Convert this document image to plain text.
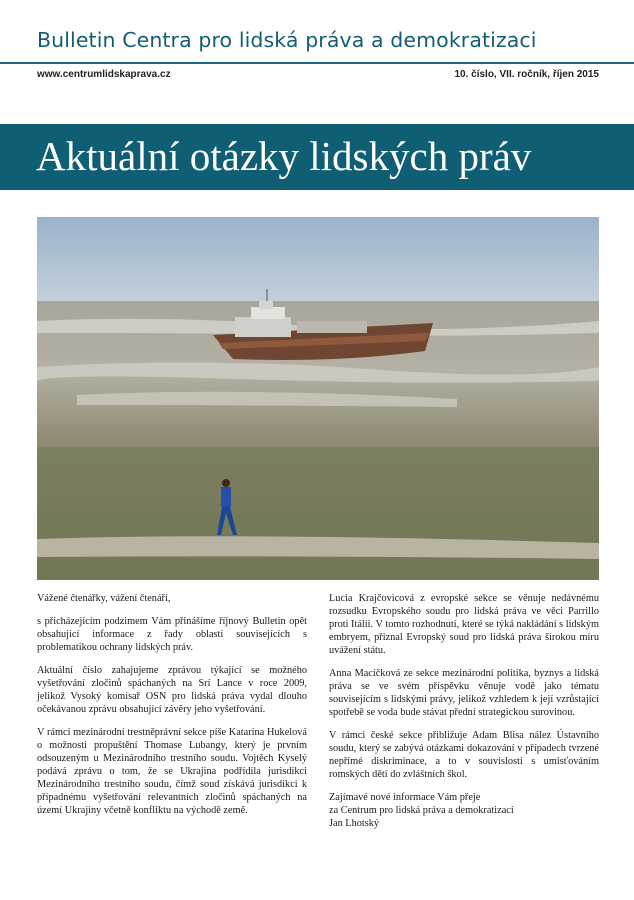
Bulletin Centra pro lidská práva a demokratizaci
www.centrumlidskaprava.cz	10. číslo, VII. ročník, říjen 2015
Aktuální otázky lidských práv

Vážené čtenářky, vážení čtenáři,

s přicházejícím podzimem Vám přinášíme říjnový Bulletin opět obsahující informace z řady oblastí souvisejících s problematikou ochrany lidských práv.

Aktuální číslo zahajujeme zprávou týkající se možného vyšetřování zločinů spáchaných na Srí Lance v roce 2009, jelikož Vysoký komisař OSN pro lidská práva vydal dlouho očekávanou zprávu obsahující závěry jeho vyšetřování.

V rámci mezinárodní trestněprávní sekce píše Katarína Hukelová o možnosti propuštění Thomase Lubangy, který je prvním odsouzeným u Mezinárodního trestního soudu. Vojtěch Kyselý podává zprávu o tom, že se Ukrajina podřídila jurisdikci Mezinárodního trestního soudu, čímž soud získává jurisdikci k případnému vyšetřování relevantních zločinů spáchaných na území Ukrajiny včetně konfliktu na východě země.

Lucia Krajčovicová z evropské sekce se věnuje nedávnému rozsudku Evropského soudu pro lidská práva ve věci Parrillo proti Itálii. V tomto rozhodnutí, které se týká nakládání s lidským embryem, přiznal Evropský soud pro lidská práva širokou míru uvážení státu.

Anna Macíčková ze sekce mezinárodní politika, byznys a lidská práva se ve svém příspěvku věnuje vodě jako tématu souvisejícím s lidskými právy, jelikož vzhledem k její vzrůstající spotřebě se voda bude stávat přední strategickou surovinou.

V rámci české sekce přibližuje Adam Blisa nález Ústavního soudu, který se zabývá otázkami dokazování v případech tvrzené nepřímé diskriminace, a to v souvislosti s umisťováním romských dětí do zvláštních škol.

Zajímavé nové informace Vám přeje

za Centrum pro lidská práva a demokratizaci

Jan Lhotský
